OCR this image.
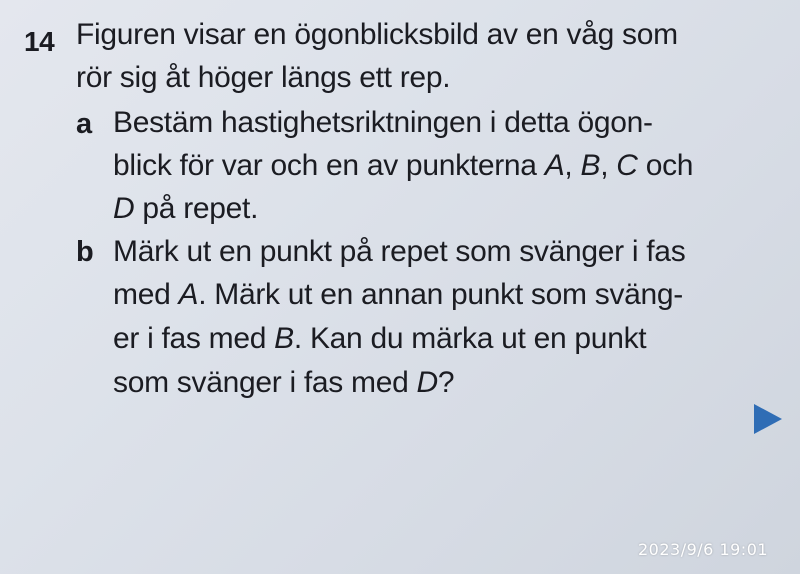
14 Figuren visar en ögonblicksbild av en våg som
rör sig åt höger längs ett rep.
a Bestäm hastighetsriktningen i detta ögon-
blick för var och en av punkterna A, B, C och
D på repet.
b Märk ut en punkt på repet som svänger i fas
med A. Märk ut en annan punkt som sväng-
er i fas med B. Kan du märka ut en punkt
som svänger i fas med D?
2023/9/6 19:01
